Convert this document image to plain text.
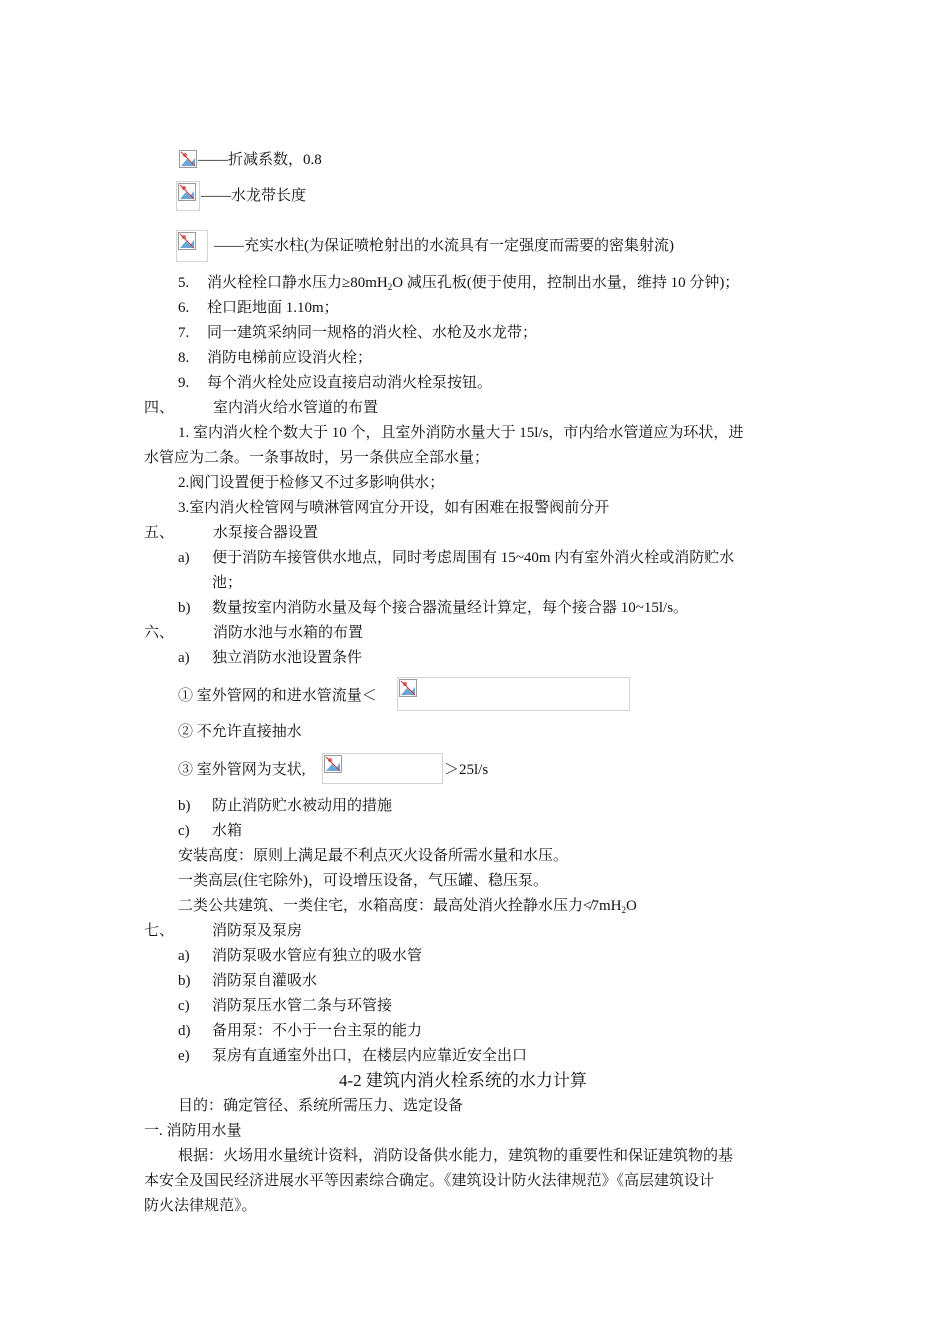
——折减系数，0.8
——水龙带长度
——充实水柱(为保证喷枪射出的水流具有一定强度而需要的密集射流)
5. 消火栓栓口静水压力$\ge 80mH_2O$ 减压孔板(便于使用，控制出水量，维持 10 分钟)；
6. 栓口距地面 1.10m；
7. 同一建筑采纳同一规格的消火栓、水枪及水龙带；
8. 消防电梯前应设消火栓；
9. 每个消火栓处应设直接启动消火栓泵按钮。
四、	室内消火给水管道的布置
1. 室内消火栓个数大于 10 个，且室外消防水量大于 15l/s，市内给水管道应为环状，进
水管应为二条。一条事故时，另一条供应全部水量；
2.阀门设置便于检修又不过多影响供水；
3.室内消火栓管网与喷淋管网宜分开设，如有困难在报警阀前分开
五、	水泵接合器设置
a) 便于消防车接管供水地点，同时考虑周围有 15~40m 内有室外消火栓或消防贮水
池；
b) 数量按室内消防水量及每个接合器流量经计算定，每个接合器 10~15l/s。
六、	消防水池与水箱的布置
a) 独立消防水池设置条件
① 室外管网的和进水管流量＜
② 不允许直接抽水
③ 室外管网为支状,	＞25l/s
b) 防止消防贮水被动用的措施
c) 水箱
安装高度：原则上满足最不利点灭火设备所需水量和水压。
一类高层(住宅除外)，可设增压设备，气压罐、稳压泵。
二类公共建筑、一类住宅，水箱高度：最高处消火拴静水压力$≮7mH_2O$
七、	消防泵及泵房
a) 消防泵吸水管应有独立的吸水管
b) 消防泵自灌吸水
c) 消防泵压水管二条与环管接
d) 备用泵：不小于一台主泵的能力
e) 泵房有直通室外出口，在楼层内应靠近安全出口
4-2 建筑内消火栓系统的水力计算
目的：确定管径、系统所需压力、选定设备
一. 消防用水量
根据：火场用水量统计资料，消防设备供水能力，建筑物的重要性和保证建筑物的基
本安全及国民经济进展水平等因素综合确定。《建筑设计防火法律规范》《高层建筑设计
防火法律规范》。
